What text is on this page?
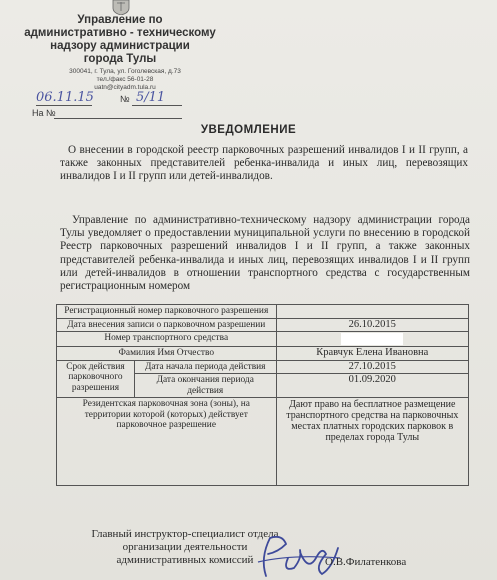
Управление по
административно - техническому
надзору администрации
города Тулы
300041, г. Тула, ул. Гоголевская, д.73
тел./факс 56-01-28
uatn@cityadm.tula.ru
06.11.15	№ 5/11
На №
УВЕДОМЛЕНИЕ
О внесении в городской реестр парковочных разрешений инвалидов I и II групп, а также законных представителей ребенка-инвалида и иных лиц, перевозящих инвалидов I и II групп или детей-инвалидов.
Управление по административно-техническому надзору администрации города Тулы уведомляет о предоставлении муниципальной услуги по внесению в городской Реестр парковочных разрешений инвалидов I и II групп, а также законных представителей ребенка-инвалида и иных лиц, перевозящих инвалидов I и II групп или детей-инвалидов в отношении транспортного средства с государственным регистрационным номером
Регистрационный номер парковочного разрешения		
Дата внесения записи о парковочном разрешении		26.10.2015
Номер транспортного средства		
Фамилия Имя Отчество		Кравчук Елена Ивановна
Срок действия парковочного разрешения	Дата начала периода действия	27.10.2015
	Дата окончания периода действия	01.09.2020
Резидентская парковочная зона (зоны), на территории которой (которых) действует парковочное разрешение		Дают право на бесплатное размещение транспортного средства на парковочных местах платных городских парковок в пределах города Тулы
Главный инструктор-специалист отдела организации деятельности административных комиссий	О.В.Филатенкова
